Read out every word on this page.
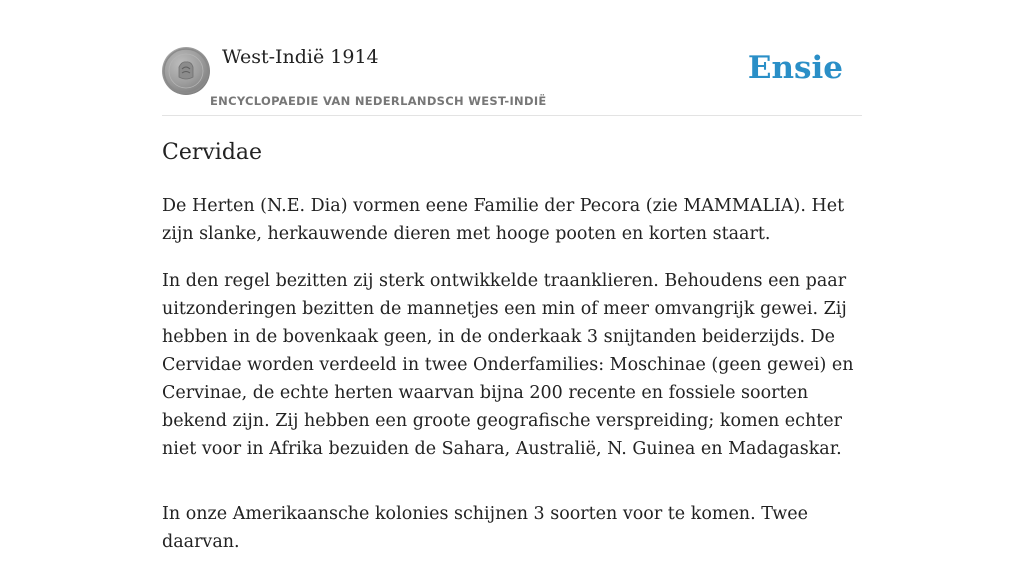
West-Indië 1914
ENCYCLOPAEDIE VAN NEDERLANDSCH WEST-INDIË
Ensie
Cervidae

De Herten (N.E. Dia) vormen eene Familie der Pecora (zie MAMMALIA). Het zijn slanke, herkauwende dieren met hooge pooten en korten staart.

In den regel bezitten zij sterk ontwikkelde traanklieren. Behoudens een paar uitzonderingen bezitten de mannetjes een min of meer omvangrijk gewei. Zij hebben in de bovenkaak geen, in de onderkaak 3 snijtanden beiderzijds. De Cervidae worden verdeeld in twee Onderfamilies: Moschinae (geen gewei) en Cervinae, de echte herten waarvan bijna 200 recente en fossiele soorten bekend zijn. Zij hebben een groote geografische verspreiding; komen echter niet voor in Afrika bezuiden de Sahara, Australië, N. Guinea en Madagaskar.

In onze Amerikaansche kolonies schijnen 3 soorten voor te komen. Twee daarvan.
